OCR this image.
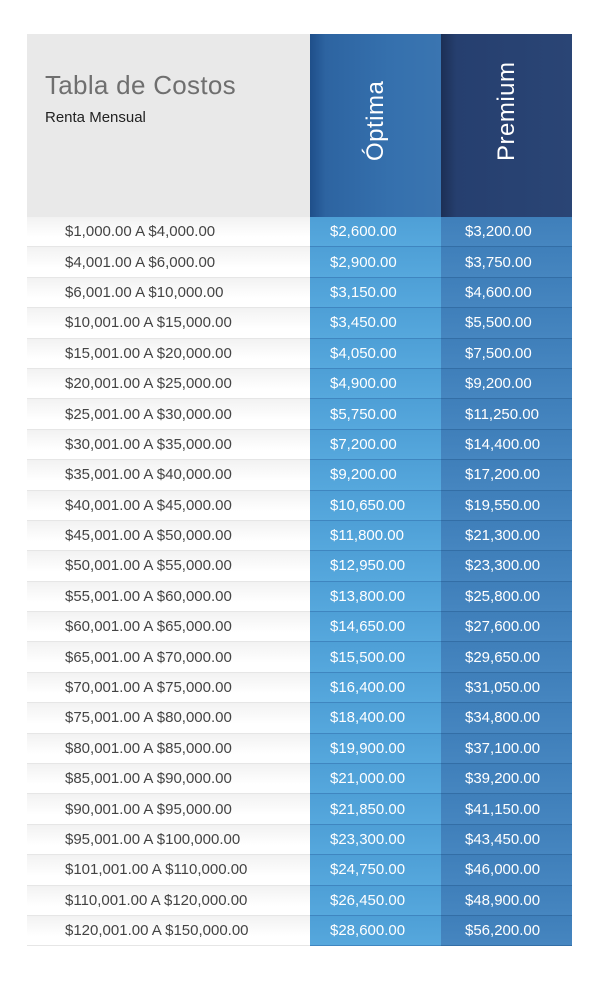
Tabla de Costos
Renta Mensual	Óptima	Premium
$1,000.00 A $4,000.00	$2,600.00	$3,200.00
$4,001.00 A $6,000.00	$2,900.00	$3,750.00
$6,001.00 A $10,000.00	$3,150.00	$4,600.00
$10,001.00 A $15,000.00	$3,450.00	$5,500.00
$15,001.00 A $20,000.00	$4,050.00	$7,500.00
$20,001.00 A $25,000.00	$4,900.00	$9,200.00
$25,001.00 A $30,000.00	$5,750.00	$11,250.00
$30,001.00 A $35,000.00	$7,200.00	$14,400.00
$35,001.00 A $40,000.00	$9,200.00	$17,200.00
$40,001.00 A $45,000.00	$10,650.00	$19,550.00
$45,001.00 A $50,000.00	$11,800.00	$21,300.00
$50,001.00 A $55,000.00	$12,950.00	$23,300.00
$55,001.00 A $60,000.00	$13,800.00	$25,800.00
$60,001.00 A $65,000.00	$14,650.00	$27,600.00
$65,001.00 A $70,000.00	$15,500.00	$29,650.00
$70,001.00 A $75,000.00	$16,400.00	$31,050.00
$75,001.00 A $80,000.00	$18,400.00	$34,800.00
$80,001.00 A $85,000.00	$19,900.00	$37,100.00
$85,001.00 A $90,000.00	$21,000.00	$39,200.00
$90,001.00 A $95,000.00	$21,850.00	$41,150.00
$95,001.00 A $100,000.00	$23,300.00	$43,450.00
$101,001.00 A $110,000.00	$24,750.00	$46,000.00
$110,001.00 A $120,000.00	$26,450.00	$48,900.00
$120,001.00 A $150,000.00	$28,600.00	$56,200.00
